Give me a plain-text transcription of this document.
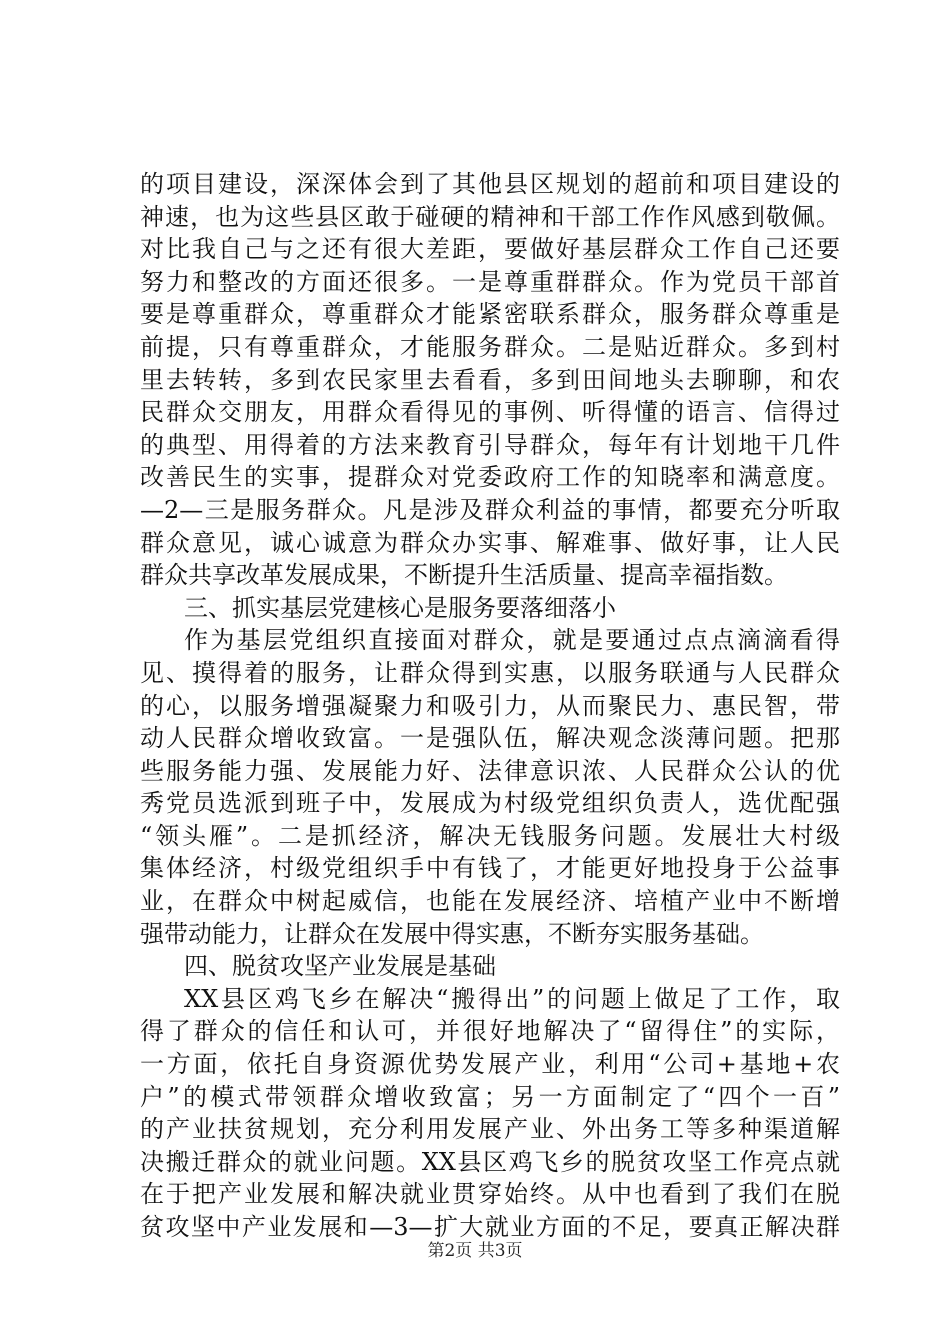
的项目建设，深深体会到了其他县区规划的超前和项目建设的
神速，也为这些县区敢于碰硬的精神和干部工作作风感到敬佩。
对比我自己与之还有很大差距，要做好基层群众工作自己还要
努力和整改的方面还很多。一是尊重群群众。作为党员干部首
要是尊重群众，尊重群众才能紧密联系群众，服务群众尊重是
前提，只有尊重群众，才能服务群众。二是贴近群众。多到村
里去转转，多到农民家里去看看，多到田间地头去聊聊，和农
民群众交朋友，用群众看得见的事例、听得懂的语言、信得过
的典型、用得着的方法来教育引导群众，每年有计划地干几件
改善民生的实事，提群众对党委政府工作的知晓率和满意度。
—2—三是服务群众。凡是涉及群众利益的事情，都要充分听取
群众意见，诚心诚意为群众办实事、解难事、做好事，让人民
群众共享改革发展成果，不断提升生活质量、提高幸福指数。
三、抓实基层党建核心是服务要落细落小
作为基层党组织直接面对群众，就是要通过点点滴滴看得
见、摸得着的服务，让群众得到实惠，以服务联通与人民群众
的心，以服务增强凝聚力和吸引力，从而聚民力、惠民智，带
动人民群众增收致富。一是强队伍，解决观念淡薄问题。把那
些服务能力强、发展能力好、法律意识浓、人民群众公认的优
秀党员选派到班子中，发展成为村级党组织负责人，选优配强
“领头雁”。二是抓经济，解决无钱服务问题。发展壮大村级
集体经济，村级党组织手中有钱了，才能更好地投身于公益事
业，在群众中树起威信，也能在发展经济、培植产业中不断增
强带动能力，让群众在发展中得实惠，不断夯实服务基础。
四、脱贫攻坚产业发展是基础
XX县区鸡飞乡在解决“搬得出”的问题上做足了工作，取
得了群众的信任和认可，并很好地解决了“留得住”的实际，
一方面，依托自身资源优势发展产业，利用“公司+基地+农
户”的模式带领群众增收致富；另一方面制定了“四个一百”
的产业扶贫规划，充分利用发展产业、外出务工等多种渠道解
决搬迁群众的就业问题。XX县区鸡飞乡的脱贫攻坚工作亮点就
在于把产业发展和解决就业贯穿始终。从中也看到了我们在脱
贫攻坚中产业发展和—3—扩大就业方面的不足，要真正解决群
第2页 共3页
